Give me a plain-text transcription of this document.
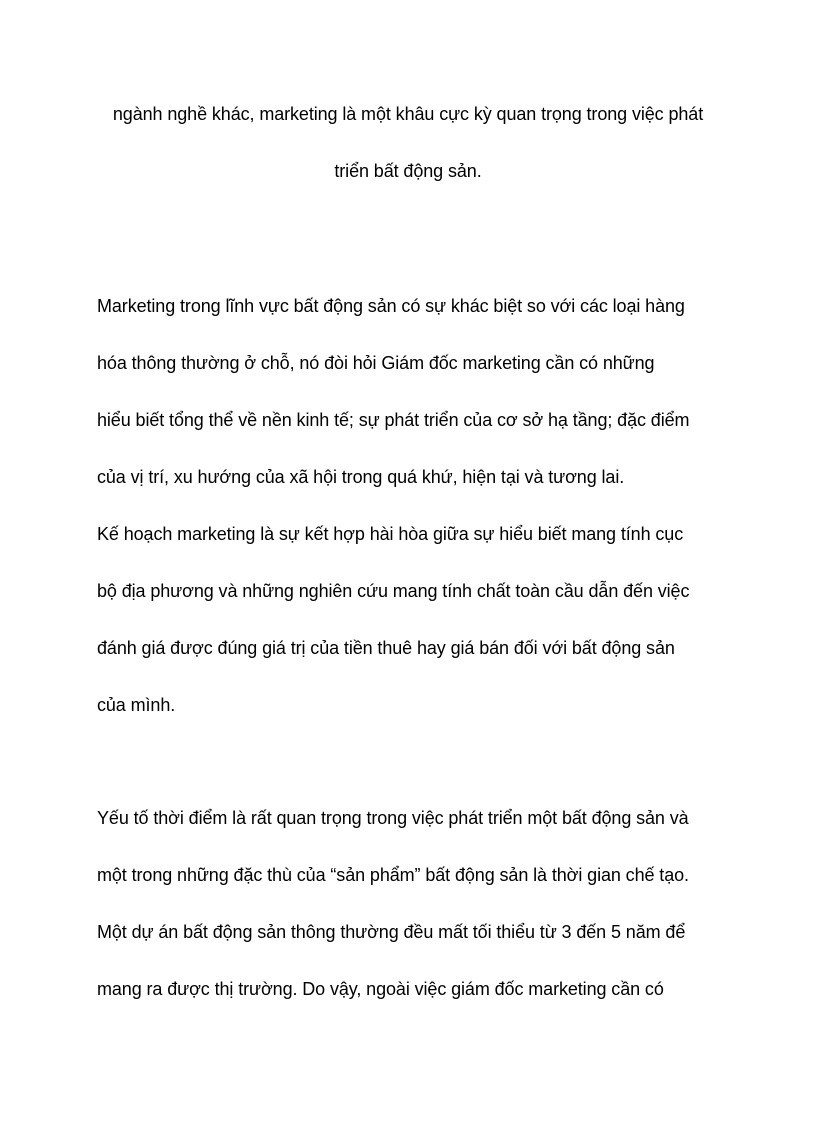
ngành nghề khác, marketing là một khâu cực kỳ quan trọng trong việc phát
triển bất động sản.
Marketing trong lĩnh vực bất động sản có sự khác biệt so với các loại hàng
hóa thông thường ở chỗ, nó đòi hỏi Giám đốc marketing cần có những
hiểu biết tổng thể về nền kinh tế; sự phát triển của cơ sở hạ tầng; đặc điểm
của vị trí, xu hướng của xã hội trong quá khứ, hiện tại và tương lai.
Kế hoạch marketing là sự kết hợp hài hòa giữa sự hiểu biết mang tính cục
bộ địa phương và những nghiên cứu mang tính chất toàn cầu dẫn đến việc
đánh giá được đúng giá trị của tiền thuê hay giá bán đối với bất động sản
của mình.
Yếu tố thời điểm là rất quan trọng trong việc phát triển một bất động sản và
một trong những đặc thù của “sản phẩm” bất động sản là thời gian chế tạo.
Một dự án bất động sản thông thường đều mất tối thiểu từ 3 đến 5 năm để
mang ra được thị trường. Do vậy, ngoài việc giám đốc marketing cần có
